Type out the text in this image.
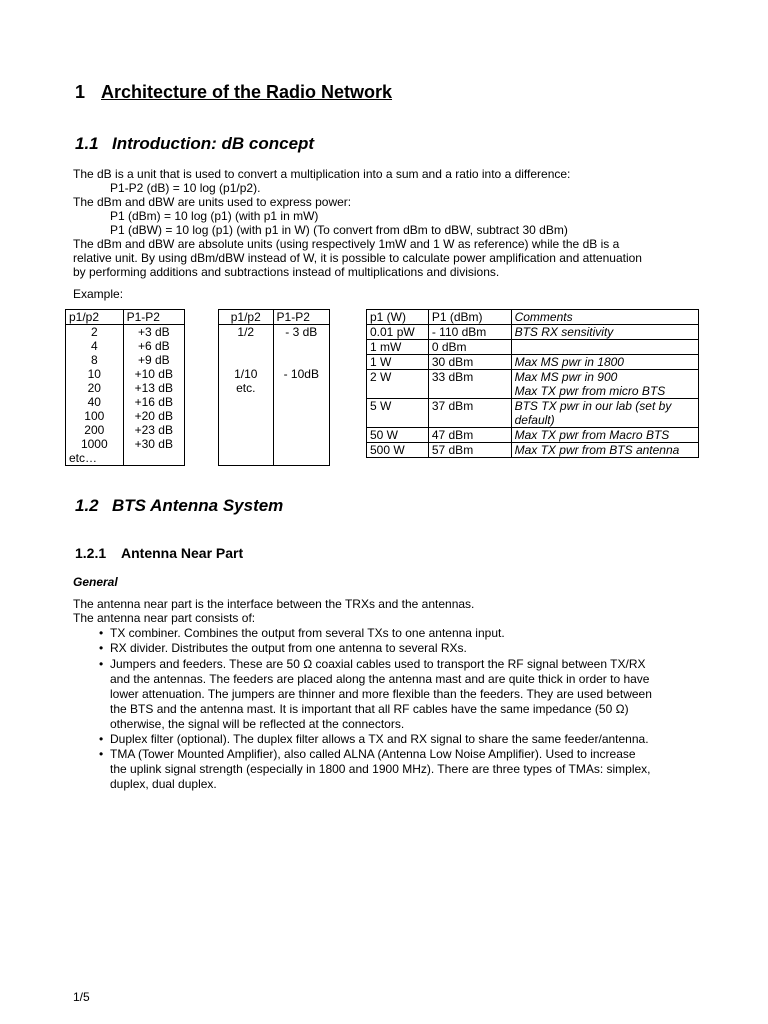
1 Architecture of the Radio Network
1.1 Introduction: dB concept
The dB is a unit that is used to convert a multiplication into a sum and a ratio into a difference:
P1-P2 (dB) = 10 log (p1/p2).
The dBm and dBW are units used to express power:
P1 (dBm) = 10 log (p1) (with p1 in mW)
P1 (dBW) = 10 log (p1) (with p1 in W) (To convert from dBm to dBW, subtract 30 dBm)
The dBm and dBW are absolute units (using respectively 1mW and 1 W as reference) while the dB is a
relative unit. By using dBm/dBW instead of W, it is possible to calculate power amplification and attenuation
by performing additions and subtractions instead of multiplications and divisions.
Example:
p1/p2	P1-P2
2	+3 dB
4	+6 dB
8	+9 dB
10	+10 dB
20	+13 dB
40	+16 dB
100	+20 dB
200	+23 dB
1000	+30 dB
etc…	
p1/p2	P1-P2
1/2	- 3 dB

1/10	- 10dB
etc.	

p1 (W)	P1 (dBm)	Comments
0.01 pW	- 110 dBm	BTS RX sensitivity
1 mW	0 dBm	
1 W	30 dBm	Max MS pwr in 1800
2 W	33 dBm	Max MS pwr in 900
Max TX pwr from micro BTS
5 W	37 dBm	BTS TX pwr in our lab (set by
default)
50 W	47 dBm	Max TX pwr from Macro BTS
500 W	57 dBm	Max TX pwr from BTS antenna
1.2 BTS Antenna System
1.2.1 Antenna Near Part
General
The antenna near part is the interface between the TRXs and the antennas.
The antenna near part consists of:
• TX combiner. Combines the output from several TXs to one antenna input.
• RX divider. Distributes the output from one antenna to several RXs.
• Jumpers and feeders. These are 50 Ω coaxial cables used to transport the RF signal between TX/RX
and the antennas. The feeders are placed along the antenna mast and are quite thick in order to have
lower attenuation. The jumpers are thinner and more flexible than the feeders. They are used between
the BTS and the antenna mast. It is important that all RF cables have the same impedance (50 Ω)
otherwise, the signal will be reflected at the connectors.
• Duplex filter (optional). The duplex filter allows a TX and RX signal to share the same feeder/antenna.
• TMA (Tower Mounted Amplifier), also called ALNA (Antenna Low Noise Amplifier). Used to increase
the uplink signal strength (especially in 1800 and 1900 MHz). There are three types of TMAs: simplex,
duplex, dual duplex.
1/5
